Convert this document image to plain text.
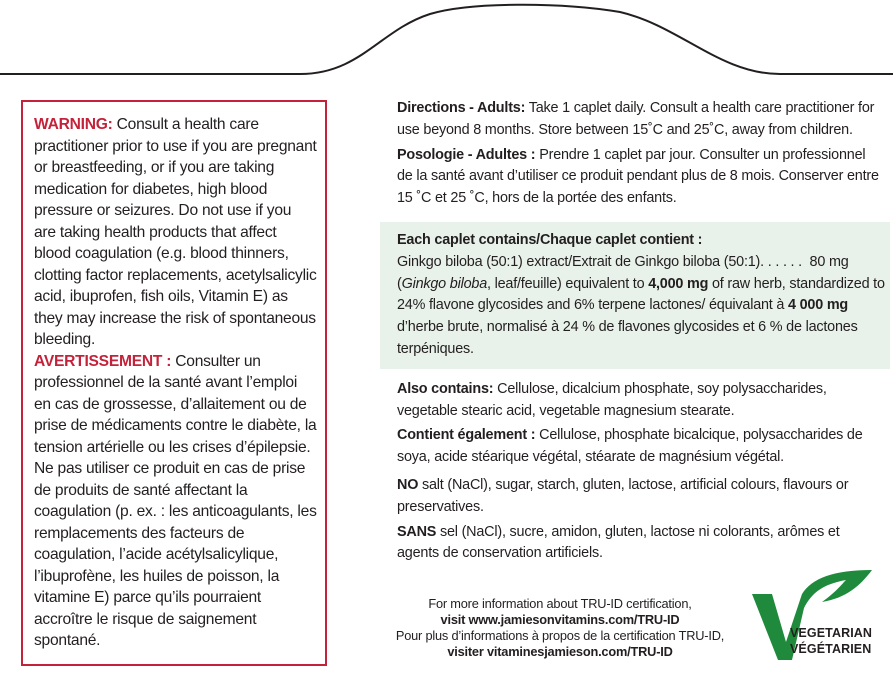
WARNING: Consult a health care practitioner prior to use if you are pregnant or breastfeeding, or if you are taking medication for diabetes, high blood pressure or seizures. Do not use if you are taking health products that affect blood coagulation (e.g. blood thinners, clotting factor replacements, acetylsalicylic acid, ibuprofen, fish oils, Vitamin E) as they may increase the risk of spontaneous bleeding.

AVERTISSEMENT : Consulter un professionnel de la santé avant l’emploi en cas de grossesse, d’allaitement ou de prise de médicaments contre le diabète, la tension artérielle ou les crises d’épilepsie. Ne pas utiliser ce produit en cas de prise de produits de santé affectant la coagulation (p. ex. : les anticoagulants, les remplacements des facteurs de coagulation, l’acide acétylsalicylique, l’ibuprofène, les huiles de poisson, la vitamine E) parce qu’ils pourraient accroître le risque de saignement spontané.

Directions - Adults: Take 1 caplet daily. Consult a health care practitioner for use beyond 8 months. Store between 15˚C and 25˚C, away from children.

Posologie - Adultes : Prendre 1 caplet par jour. Consulter un professionnel de la santé avant d’utiliser ce produit pendant plus de 8 mois. Conserver entre 15 ˚C et 25 ˚C, hors de la portée des enfants.

Each caplet contains/Chaque caplet contient :

Ginkgo biloba (50:1) extract/Extrait de Ginkgo biloba (50:1). . . . . . 80 mg
(Ginkgo biloba, leaf/feuille) equivalent to 4,000 mg of raw herb, standardized to 24% flavone glycosides and 6% terpene lactones/ équivalant à 4 000 mg d’herbe brute, normalisé à 24 % de flavones glycosides et 6 % de lactones terpéniques.

Also contains: Cellulose, dicalcium phosphate, soy polysaccharides, vegetable stearic acid, vegetable magnesium stearate.

Contient également : Cellulose, phosphate bicalcique, polysaccharides de soya, acide stéarique végétal, stéarate de magnésium végétal.

NO salt (NaCl), sugar, starch, gluten, lactose, artificial colours, flavours or preservatives.

SANS sel (NaCl), sucre, amidon, gluten, lactose ni colorants, arômes et agents de conservation artificiels.

For more information about TRU-ID certification,

visit www.jamiesonvitamins.com/TRU-ID

Pour plus d’informations à propos de la certification TRU-ID,

visiter vitaminesjamieson.com/TRU-ID

VEGETARIAN
VÉGÉTARIEN
